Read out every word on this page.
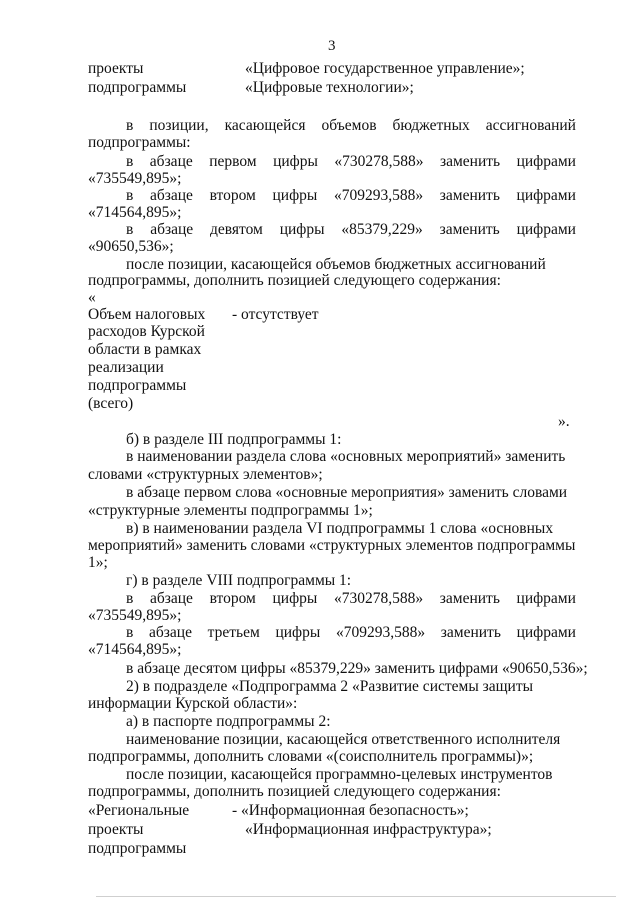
3
проекты	«Цифровое государственное управление»;
подпрограммы	«Цифровые технологии»;
в позиции, касающейся объемов бюджетных ассигнований
подпрограммы:
в абзаце первом цифры «730278,588» заменить цифрами
«735549,895»;
в абзаце втором цифры «709293,588» заменить цифрами
«714564,895»;
в абзаце девятом цифры «85379,229» заменить цифрами
«90650,536»;
после позиции, касающейся объемов бюджетных ассигнований
подпрограммы, дополнить позицией следующего содержания:
«
Объем налоговых - отсутствует
расходов Курской
области в рамках
реализации
подпрограммы
(всего)
».
б) в разделе III подпрограммы 1:
в наименовании раздела слова «основных мероприятий» заменить
словами «структурных элементов»;
в абзаце первом слова «основные мероприятия» заменить словами
«структурные элементы подпрограммы 1»;
в) в наименовании раздела VI подпрограммы 1 слова «основных
мероприятий» заменить словами «структурных элементов подпрограммы
1»;
г) в разделе VIII подпрограммы 1:
в абзаце втором цифры «730278,588» заменить цифрами
«735549,895»;
в абзаце третьем цифры «709293,588» заменить цифрами
«714564,895»;
в абзаце десятом цифры «85379,229» заменить цифрами «90650,536»;
2) в подразделе «Подпрограмма 2 «Развитие системы защиты
информации Курской области»:
а) в паспорте подпрограммы 2:
наименование позиции, касающейся ответственного исполнителя
подпрограммы, дополнить словами «(соисполнитель программы)»;
после позиции, касающейся программно-целевых инструментов
подпрограммы, дополнить позицией следующего содержания:
«Региональные	- «Информационная безопасность»;
проекты	«Информационная инфраструктура»;
подпрограммы
